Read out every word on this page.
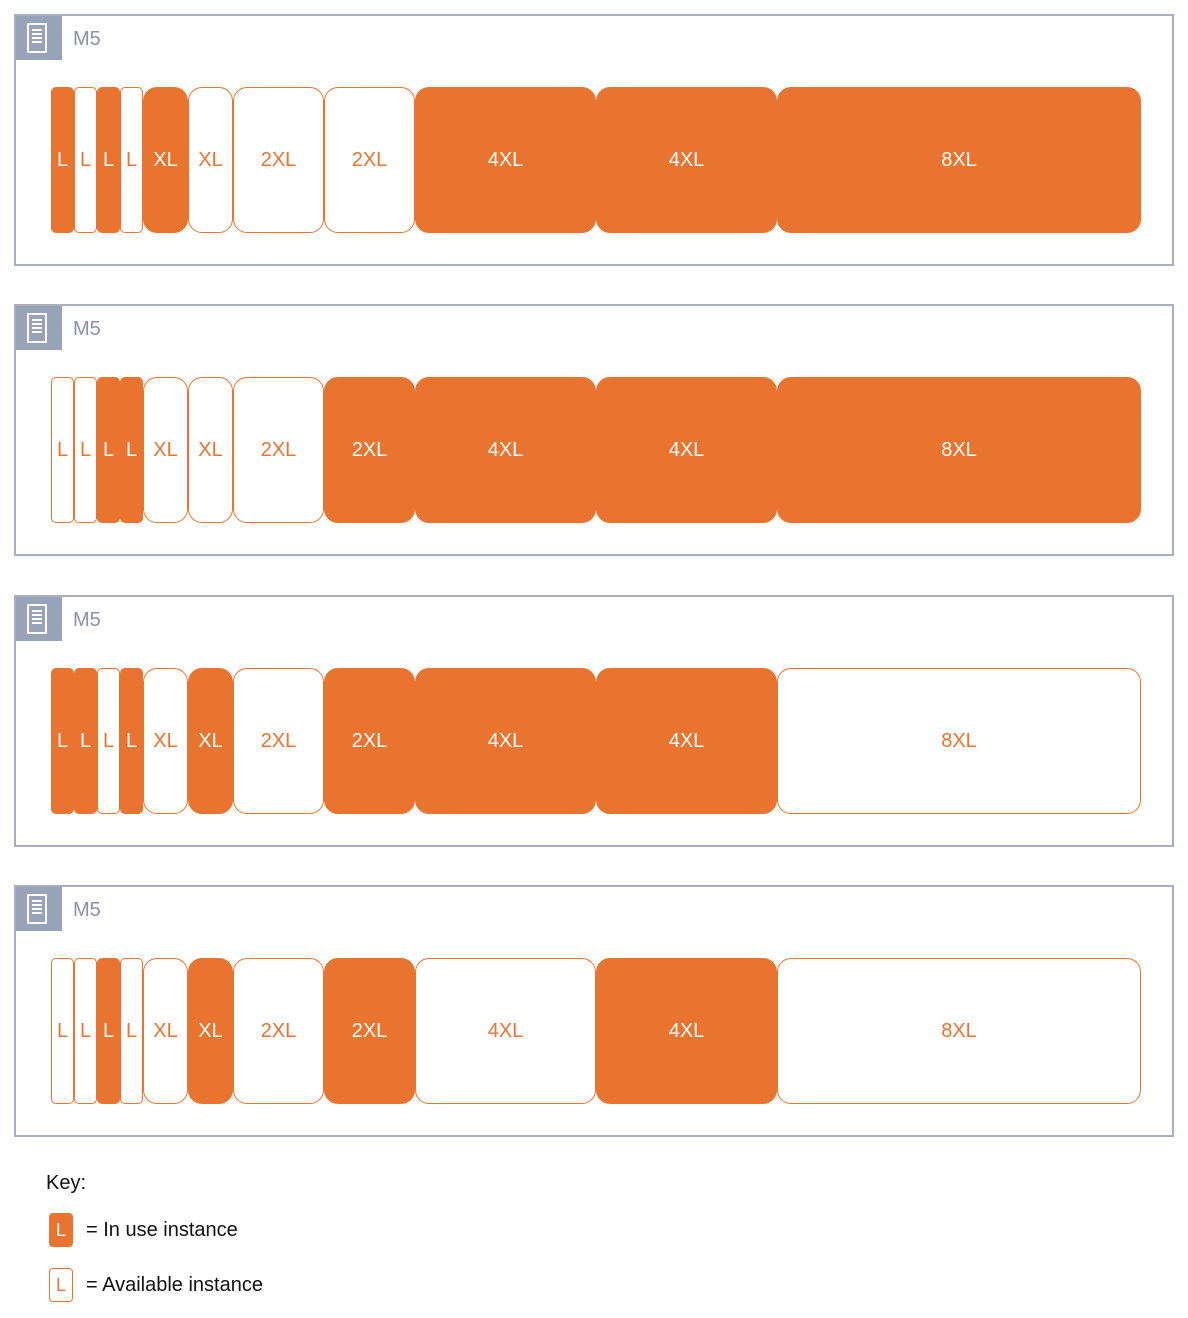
M5
L L L L XL	XL	2XL	2XL	4XL	4XL	8XL
M5
L L L L XL	XL	2XL	2XL	4XL	4XL	8XL
M5
L L L L XL	XL	2XL	2XL	4XL	4XL	8XL
M5
L L L L XL	XL	2XL	2XL	4XL	4XL	8XL
Key:
L	= In use instance
L	= Available instance
